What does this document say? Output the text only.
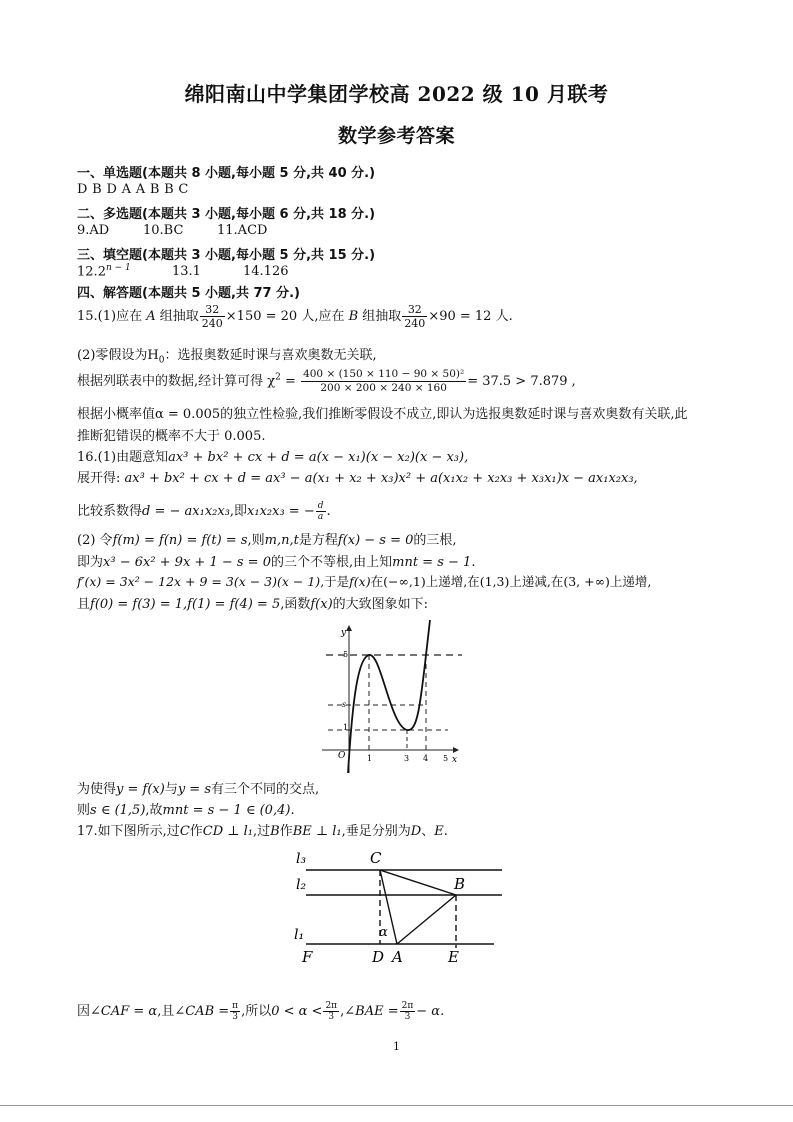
绵阳南山中学集团学校高 2022 级 10 月联考
数学参考答案
一、单选题(本题共 8 小题,每小题 5 分,共 40 分.)
D B D A A B B C
二、多选题(本题共 3 小题,每小题 6 分,共 18 分.)
9.AD	10.BC	11.ACD
三、填空题(本题共 3 小题,每小题 5 分,共 15 分.)
$12.2^{n - 1}$	13.1	14.126
四、解答题(本题共 5 小题,共 77 分.)
15.(1)应在 A 组抽取 $\frac{32}{240} \times 150 = 20$ 人,应在 B 组抽取 $\frac{32}{240} \times 90 = 12$ 人.
(2)零假设为$H_0$：选报奥数延时课与喜欢奥数无关联,
根据列联表中的数据,经计算可得 $\chi^2 = \frac{\text{400 × (150 × 110 − 90 × 50)²}}{200 \times 200 \times 240 \times 160} = 37.5 > 7.879$ ,
根据小概率值α = 0.005的独立性检验,我们推断零假设不成立,即认为选报奥数延时课与喜欢奥数有关联,此
推断犯错误的概率不大于 0.005.
16.(1)由题意知ax³ + bx² + cx + d = a(x − x₁)(x − x₂)(x − x₃),
展开得: ax³ + bx² + cx + d = ax³ − a(x₁ + x₂ + x₃)x² + a(x₁x₂ + x₂x₃ + x₃x₁)x − ax₁x₂x₃,
比较系数得d = − ax₁x₂x₃,即x₁x₂x₃ = − $\frac{d}{a}$ .
(2) 令f(m) = f(n) = f(t) = s,则m,n,t是方程f(x) − s = 0的三根,
即为x³ − 6x² + 9x + 1 − s = 0的三个不等根,由上知mnt = s − 1.
f′(x) = 3x² − 12x + 9 = 3(x − 3)(x − 1),于是f(x)在(−∞,1)上递增,在(1,3)上递减,在(3, +∞)上递增,
且f(0) = f(3) = 1,f(1) = f(4) = 5,函数f(x)的大致图象如下:
y
x
O
5
s
1
1	3 4 5
为使得y = f(x)与y = s有三个不同的交点,
则s ∈ (1,5),故mnt = s − 1 ∈ (0,4).
17.如下图所示,过C作CD ⊥ l₁,过B作BE ⊥ l₁,垂足分别为D、E.
l₃
l₂
l₁
C
B
α
F	D A	E
因∠CAF = α,且∠CAB = $\frac{\pi}{3}$ ,所以$0 < \alpha < \frac{2\pi}{3}$ ,∠BAE = $\frac{2\pi}{3} - \alpha$.
1
